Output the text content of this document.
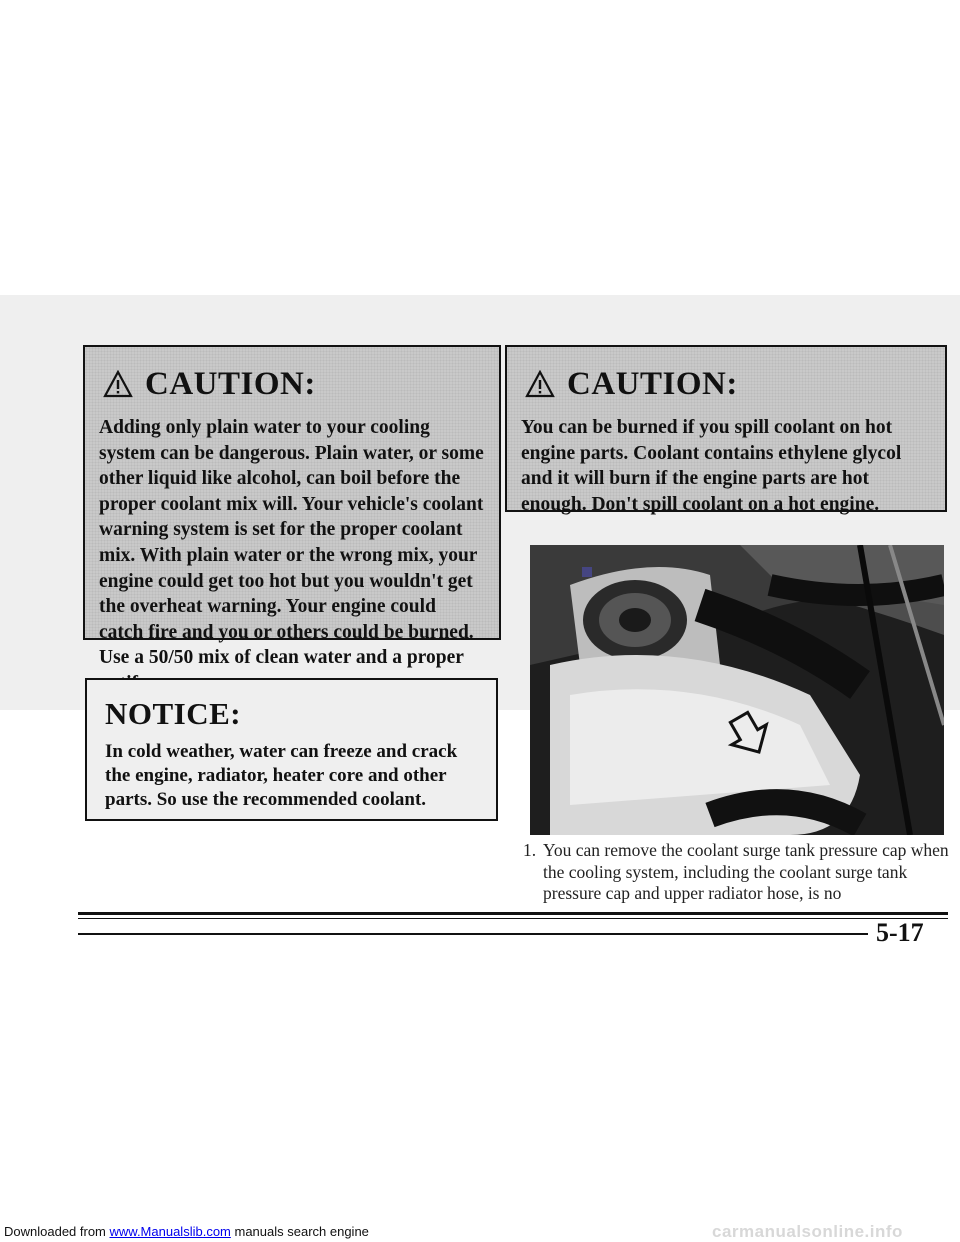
CAUTION:
Adding only plain water to your cooling system can be dangerous. Plain water, or some other liquid like alcohol, can boil before the proper coolant mix will. Your vehicle's coolant warning system is set for the proper coolant mix. With plain water or the wrong mix, your engine could get too hot but you wouldn't get the overheat warning. Your engine could catch fire and you or others could be burned. Use a 50/50 mix of clean water and a proper
CAUTION:
You can be burned if you spill coolant on hot engine parts. Coolant contains ethylene glycol and it will burn if the engine parts are hot enough. Don't spill coolant on a hot engine.
NOTICE:
In cold weather, water can freeze and crack the engine, radiator, heater core and other parts. So use the recommended coolant.
1. You can remove the coolant surge tank pressure cap when the cooling system, including the coolant surge tank pressure cap and upper radiator hose, is no
5-17
Downloaded from www.Manualslib.com manuals search engine	carmanualsonline.info
